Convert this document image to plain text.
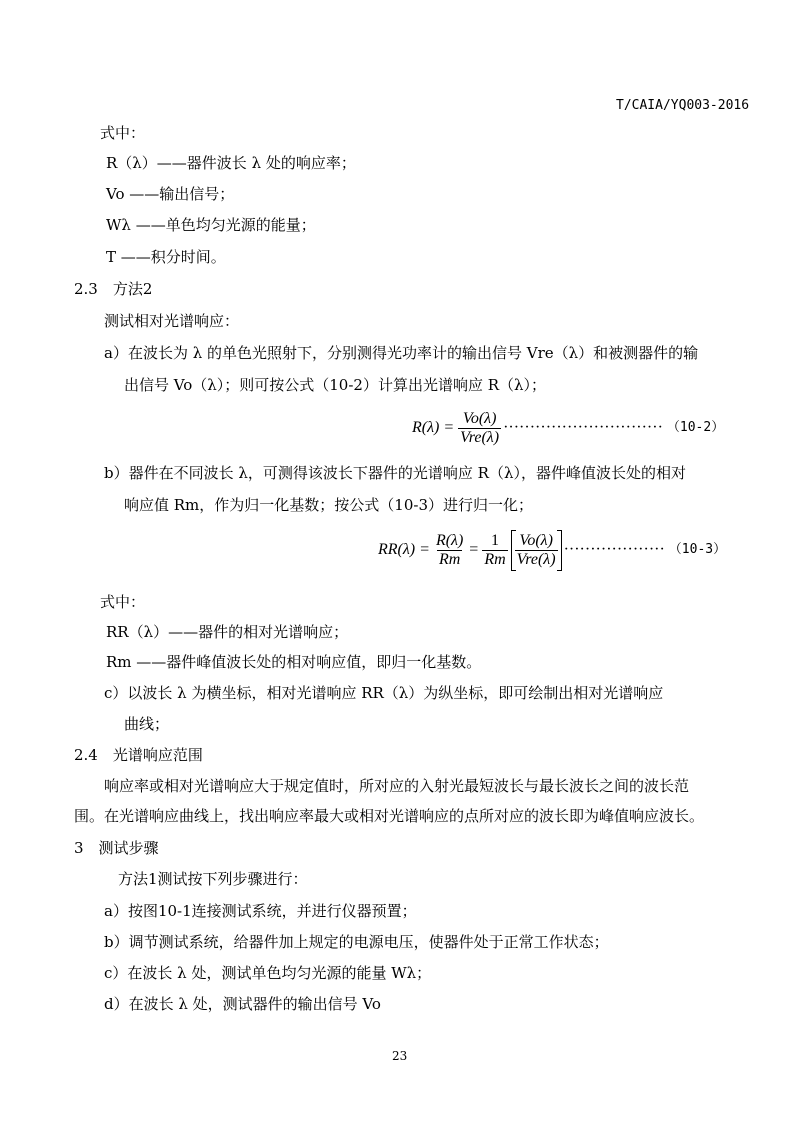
T/CAIA/YQ003-2016
式中：
R（λ）——器件波长 λ 处的响应率；
Vo ——输出信号；
Wλ ——单色均匀光源的能量；
T ——积分时间。
2.3　方法2
测试相对光谱响应：
a）在波长为 λ 的单色光照射下，分别测得光功率计的输出信号 Vre（λ）和被测器件的输
出信号 Vo（λ）；则可按公式（10-2）计算出光谱响应 R（λ）；
$R(\lambda) = \frac{Vo(\lambda)}{\text{Vre(λ)}}$ ······························ （10-2）
b）器件在不同波长 λ，可测得该波长下器件的光谱响应 R（λ），器件峰值波长处的相对
响应值 Rm，作为归一化基数；按公式（10-3）进行归一化；
$RR(\lambda) = \frac{R(\lambda)}{Rm} = \frac{1}{Rm} \frac{Vo(\lambda)}{\text{Vre(λ)}}$ ··················· （10-3）
式中：
RR（λ）——器件的相对光谱响应；
Rm ——器件峰值波长处的相对响应值，即归一化基数。
c）以波长 λ 为横坐标，相对光谱响应 RR（λ）为纵坐标，即可绘制出相对光谱响应
曲线；
2.4　光谱响应范围
响应率或相对光谱响应大于规定值时，所对应的入射光最短波长与最长波长之间的波长范
围。在光谱响应曲线上，找出响应率最大或相对光谱响应的点所对应的波长即为峰值响应波长。
3　测试步骤
方法1测试按下列步骤进行：
a）按图10-1连接测试系统，并进行仪器预置；
b）调节测试系统，给器件加上规定的电源电压，使器件处于正常工作状态；
c）在波长 λ 处，测试单色均匀光源的能量 Wλ；
d）在波长 λ 处，测试器件的输出信号 Vo
23
